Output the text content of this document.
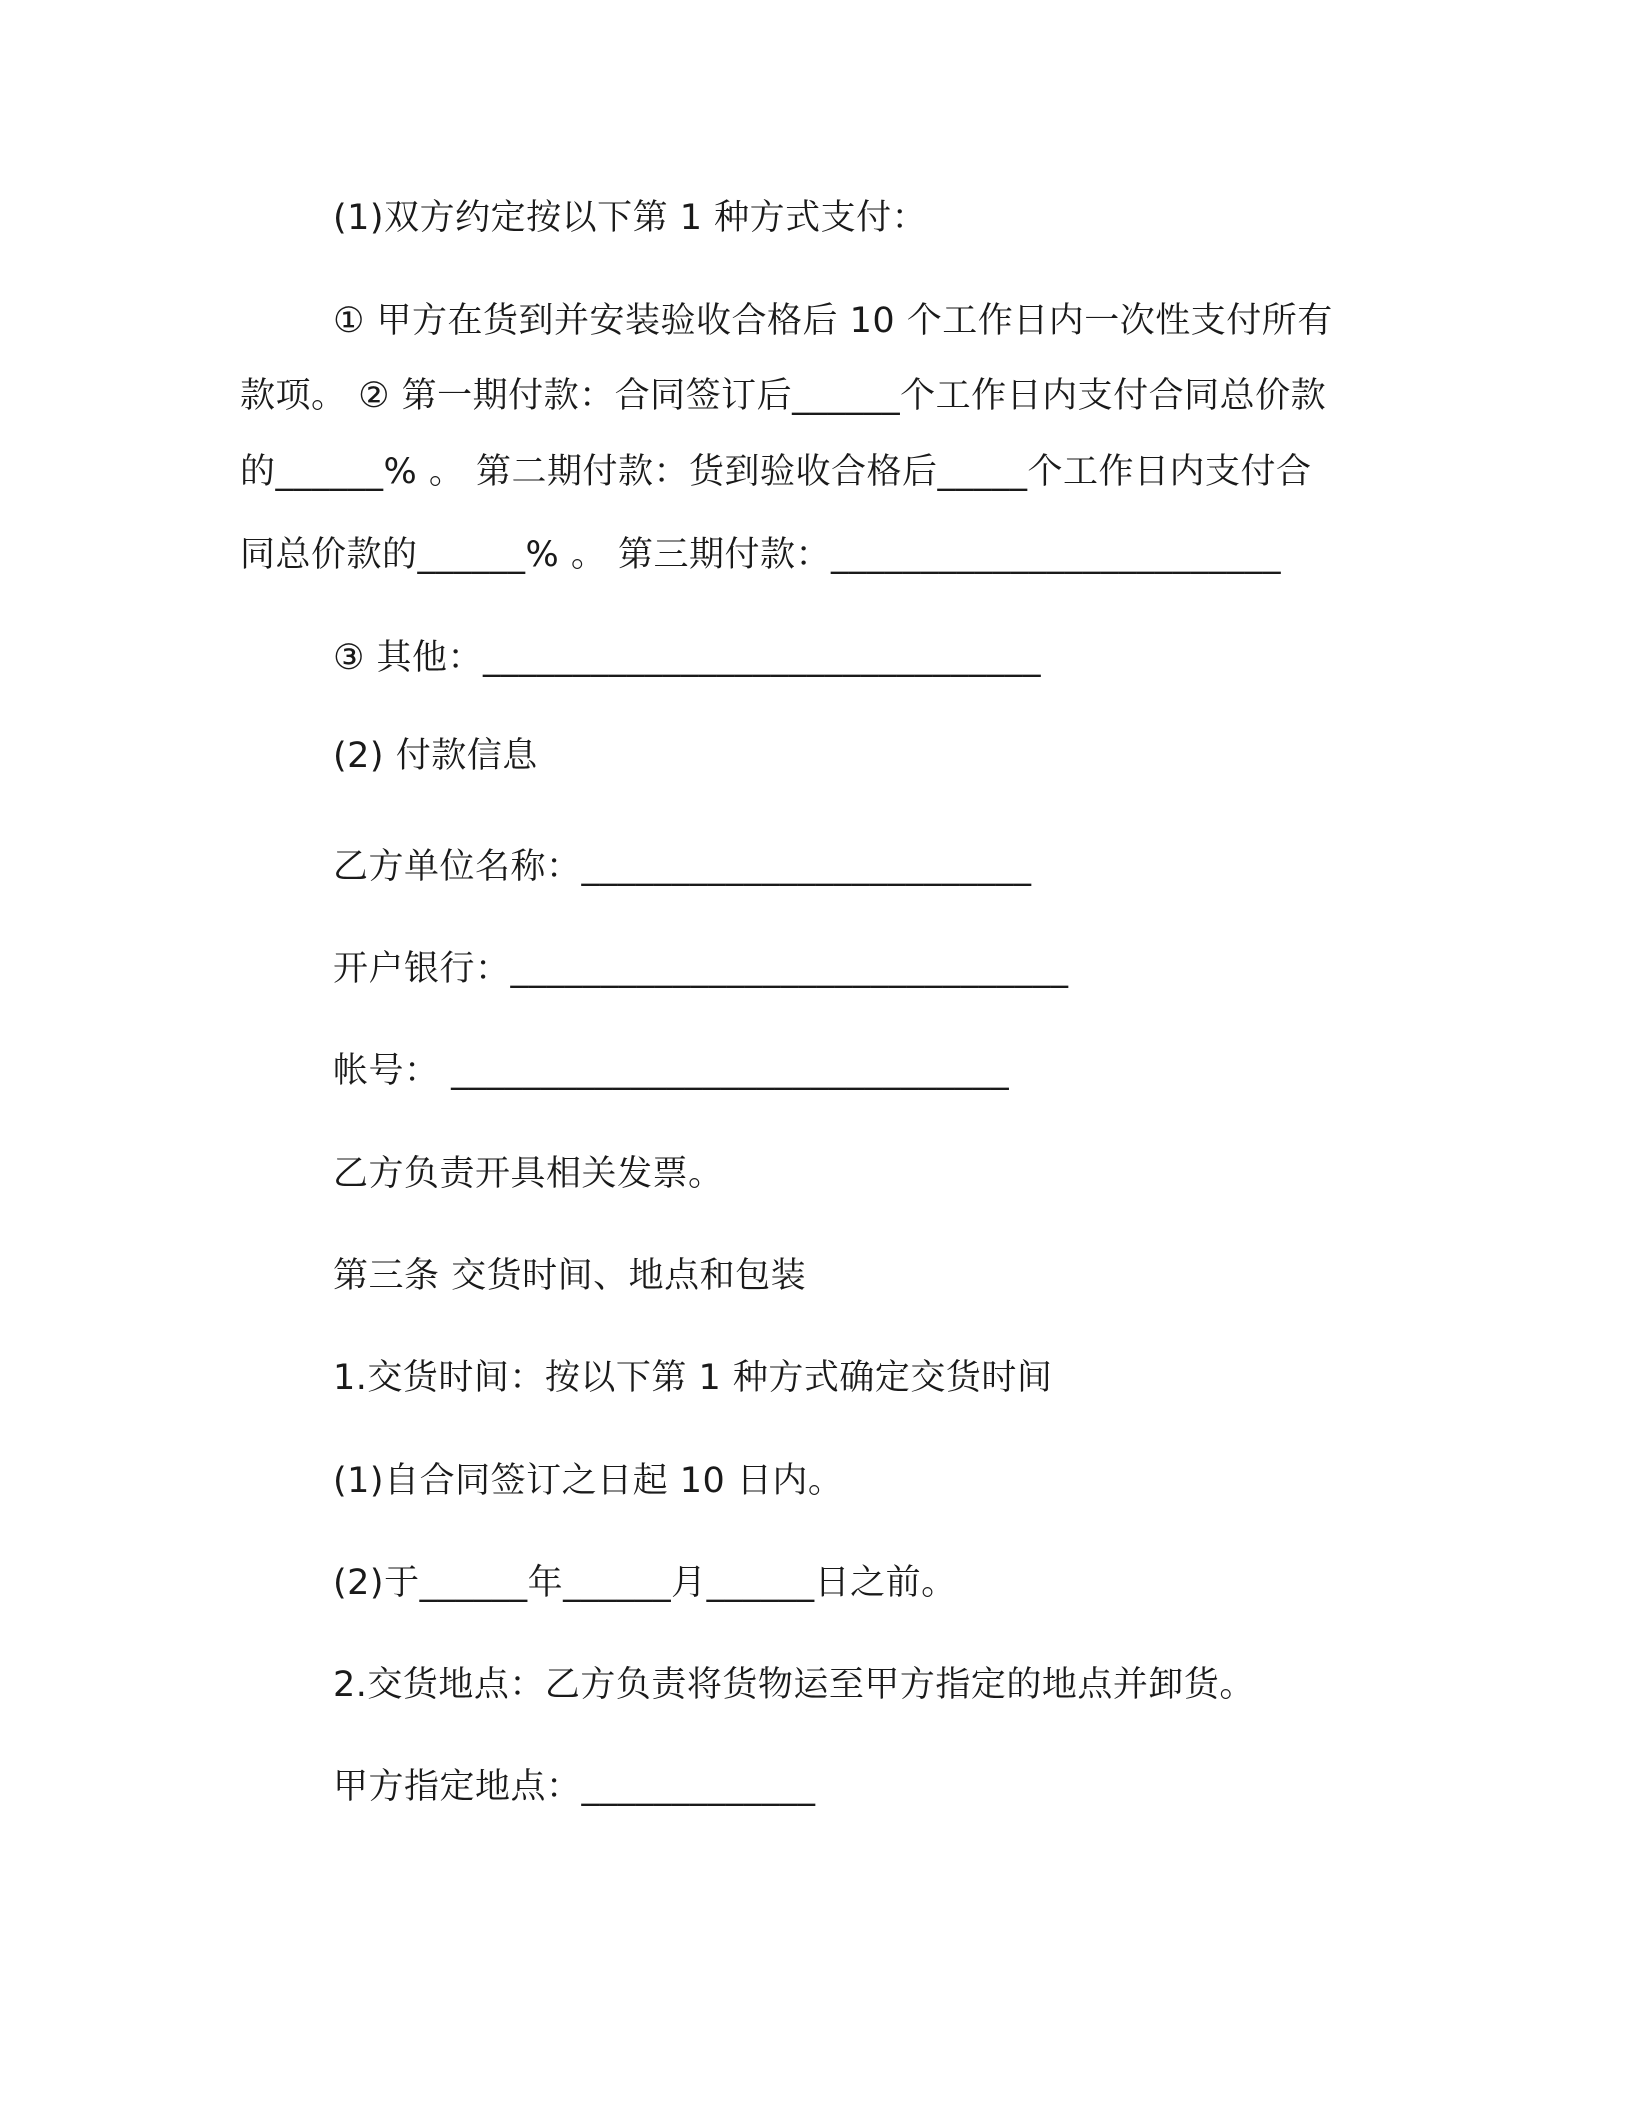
(1)双方约定按以下第 1 种方式支付：
① 甲方在货到并安装验收合格后 10 个工作日内一次性支付所有
款项。 ② 第一期付款：合同签订后______个工作日内支付合同总价款
的______% 。 第二期付款：货到验收合格后_____个工作日内支付合
同总价款的______% 。 第三期付款：_________________________
③ 其他：_______________________________
(2) 付款信息
乙方单位名称：_________________________
开户银行：_______________________________
帐号： _______________________________
乙方负责开具相关发票。
第三条 交货时间、地点和包装
1.交货时间：按以下第 1 种方式确定交货时间
(1)自合同签订之日起 10 日内。
(2)于______年______月______日之前。
2.交货地点：乙方负责将货物运至甲方指定的地点并卸货。
甲方指定地点：_____________
